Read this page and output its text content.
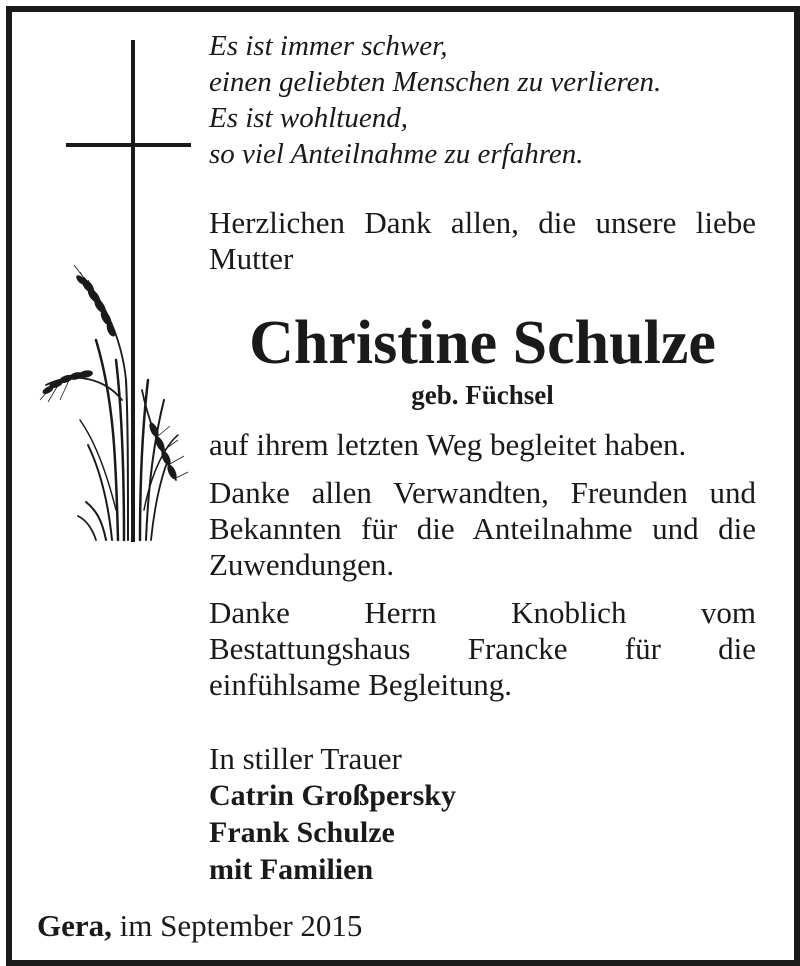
Es ist immer schwer,
einen geliebten Menschen zu verlieren.
Es ist wohltuend,
so viel Anteilnahme zu erfahren.
Herzlichen Dank allen, die unsere liebe Mutter
Christine Schulze
geb. Füchsel
auf ihrem letzten Weg begleitet haben.
Danke allen Verwandten, Freunden und Bekannten für die Anteilnahme und die Zuwendungen.
Danke Herrn Knoblich vom Bestattungshaus Francke für die einfühlsame Begleitung.
In stiller Trauer
Catrin Großpersky
Frank Schulze
mit Familien
Gera, im September 2015
